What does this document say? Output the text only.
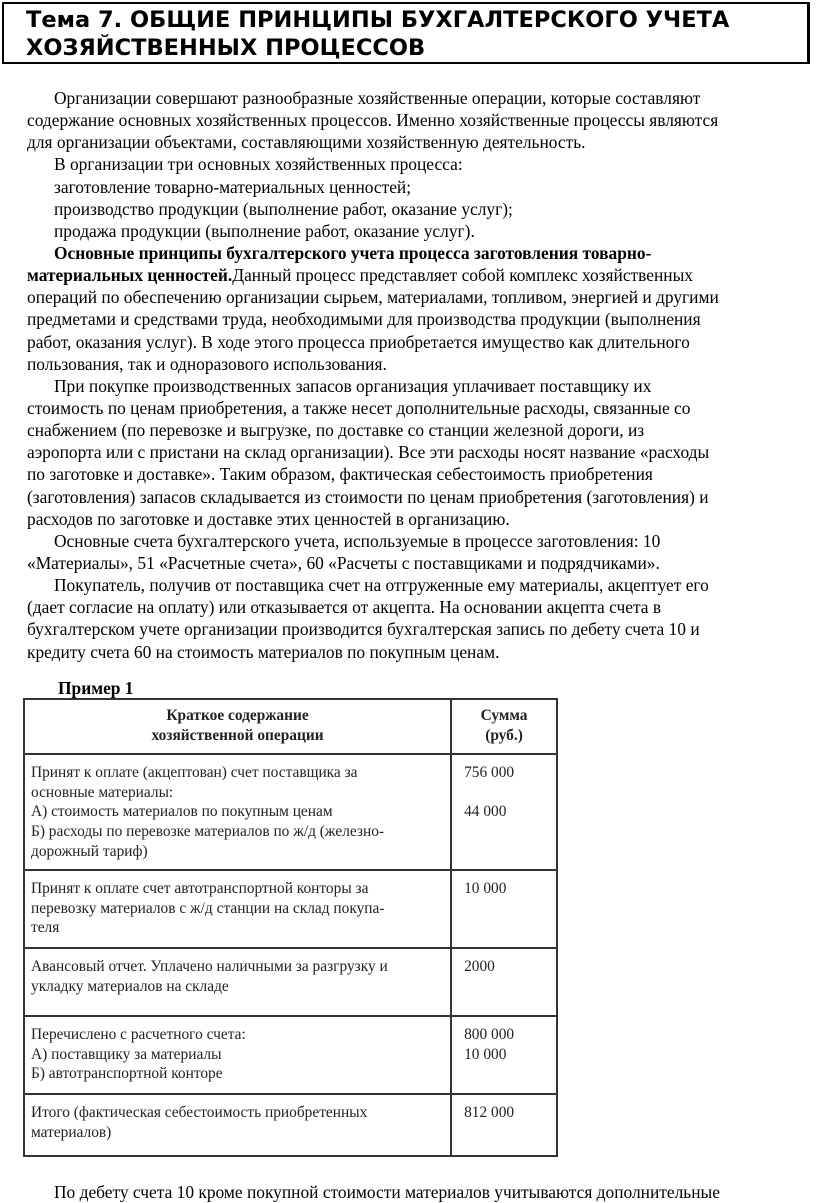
Тема 7. ОБЩИЕ ПРИНЦИПЫ БУХГАЛТЕРСКОГО УЧЕТА
ХОЗЯЙСТВЕННЫХ ПРОЦЕССОВ
Организации совершают разнообразные хозяйственные операции, которые составляют
содержание основных хозяйственных процессов. Именно хозяйственные процессы являются
для организации объектами, составляющими хозяйственную деятельность.
В организации три основных хозяйственных процесса:
заготовление товарно-материальных ценностей;
производство продукции (выполнение работ, оказание услуг);
продажа продукции (выполнение работ, оказание услуг).
Основные принципы бухгалтерского учета процесса заготовления товарно-
материальных ценностей.Данный процесс представляет собой комплекс хозяйственных
операций по обеспечению организации сырьем, материалами, топливом, энергией и другими
предметами и средствами труда, необходимыми для производства продукции (выполнения
работ, оказания услуг). В ходе этого процесса приобретается имущество как длительного
пользования, так и одноразового использования.
При покупке производственных запасов организация уплачивает поставщику их
стоимость по ценам приобретения, а также несет дополнительные расходы, связанные со
снабжением (по перевозке и выгрузке, по доставке со станции железной дороги, из
аэропорта или с пристани на склад организации). Все эти расходы носят название «расходы
по заготовке и доставке». Таким образом, фактическая себестоимость приобретения
(заготовления) запасов складывается из стоимости по ценам приобретения (заготовления) и
расходов по заготовке и доставке этих ценностей в организацию.
Основные счета бухгалтерского учета, используемые в процессе заготовления: 10
«Материалы», 51 «Расчетные счета», 60 «Расчеты с поставщиками и подрядчиками».
Покупатель, получив от поставщика счет на отгруженные ему материалы, акцептует его
(дает согласие на оплату) или отказывается от акцепта. На основании акцепта счета в
бухгалтерском учете организации производится бухгалтерская запись по дебету счета 10 и
кредиту счета 60 на стоимость материалов по покупным ценам.
Пример 1
Краткое содержание
хозяйственной операции	Сумма
(руб.)

Принят к оплате (акцептован) счет поставщика за
основные материалы:
А) стоимость материалов по покупным ценам
Б) расходы по перевозке материалов по ж/д (железно-
дорожный тариф)	756 000
44 000

Принят к оплате счет автотранспортной конторы за
перевозку материалов с ж/д станции на склад покупа-
теля	10 000

Авансовый отчет. Уплачено наличными за разгрузку и
укладку материалов на складе	2000

Перечислено с расчетного счета:
А) поставщику за материалы
Б) автотранспортной конторе	800 000
10 000

Итого (фактическая себестоимость приобретенных
материалов)	812 000
По дебету счета 10 кроме покупной стоимости материалов учитываются дополнительные
